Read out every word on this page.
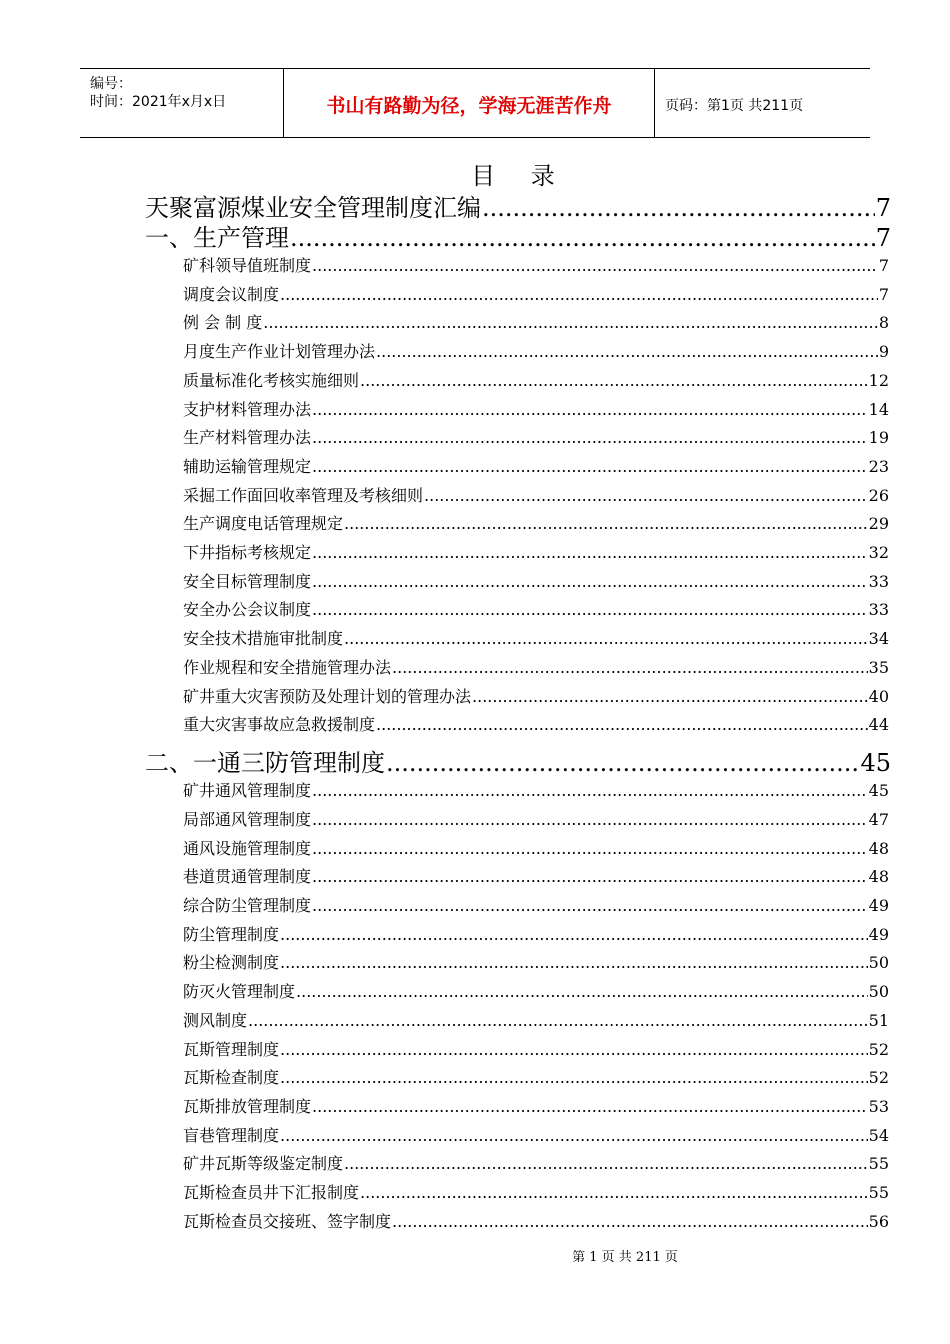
编号：
时间：2021年x月x日	书山有路勤为径，学海无涯苦作舟	页码：第1页 共211页
目 录
天聚富源煤业安全管理制度汇编 .....	7
一、生产管理 .....	7
矿科领导值班制度 .....	7
调度会议制度 .....	7
例 会 制 度 .....	8
月度生产作业计划管理办法 .....	9
质量标准化考核实施细则 .....	12
支护材料管理办法 .....	14
生产材料管理办法 .....	19
辅助运输管理规定 .....	23
采掘工作面回收率管理及考核细则 .....	26
生产调度电话管理规定 .....	29
下井指标考核规定 .....	32
安全目标管理制度 .....	33
安全办公会议制度 .....	33
安全技术措施审批制度 .....	34
作业规程和安全措施管理办法 .....	35
矿井重大灾害预防及处理计划的管理办法 .....	40
重大灾害事故应急救援制度 .....	44
二、一通三防管理制度 .....	45
矿井通风管理制度 .....	45
局部通风管理制度 .....	47
通风设施管理制度 .....	48
巷道贯通管理制度 .....	48
综合防尘管理制度 .....	49
防尘管理制度 .....	49
粉尘检测制度 .....	50
防灭火管理制度 .....	50
测风制度 .....	51
瓦斯管理制度 .....	52
瓦斯检查制度 .....	52
瓦斯排放管理制度 .....	53
盲巷管理制度 .....	54
矿井瓦斯等级鉴定制度 .....	55
瓦斯检查员井下汇报制度 .....	55
瓦斯检查员交接班、签字制度 .....	56
第 1 页 共 211 页
